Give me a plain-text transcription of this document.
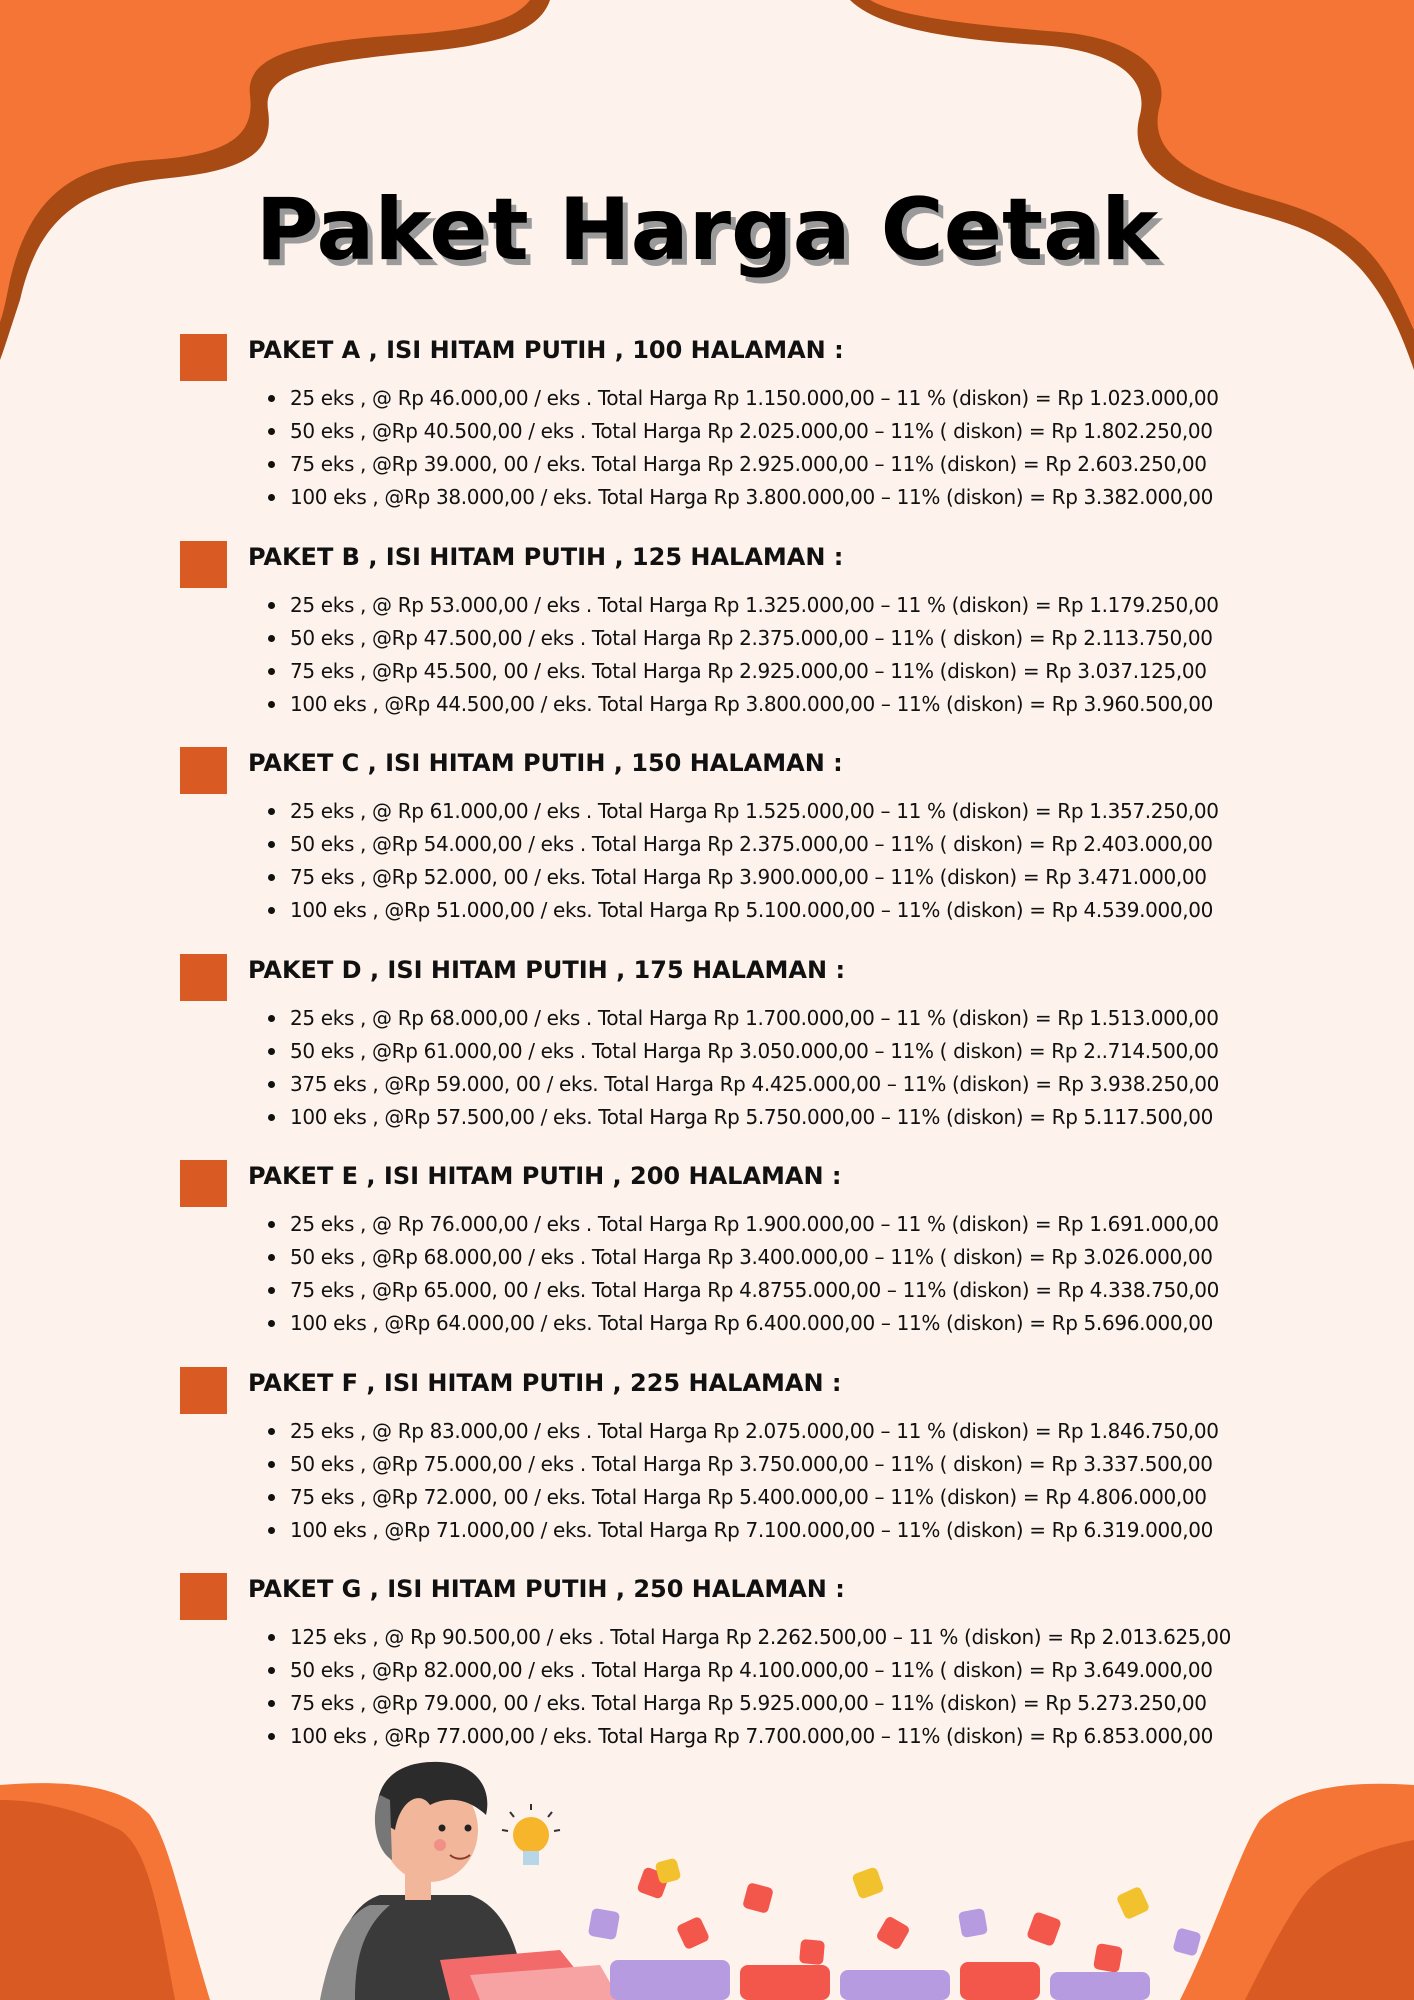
Paket Harga Cetak
PAKET A , ISI HITAM PUTIH , 100 HALAMAN :
25 eks , @ Rp 46.000,00 / eks . Total Harga Rp 1.150.000,00 – 11 % (diskon) = Rp 1.023.000,00
50 eks , @Rp 40.500,00 / eks . Total Harga Rp 2.025.000,00 – 11% ( diskon) = Rp 1.802.250,00
75 eks , @Rp 39.000, 00 / eks. Total Harga Rp 2.925.000,00 – 11% (diskon) = Rp 2.603.250,00
100 eks , @Rp 38.000,00 / eks. Total Harga Rp 3.800.000,00 – 11% (diskon) = Rp 3.382.000,00
PAKET B , ISI HITAM PUTIH , 125 HALAMAN :
25 eks , @ Rp 53.000,00 / eks . Total Harga Rp 1.325.000,00 – 11 % (diskon) = Rp 1.179.250,00
50 eks , @Rp 47.500,00 / eks . Total Harga Rp 2.375.000,00 – 11% ( diskon) = Rp 2.113.750,00
75 eks , @Rp 45.500, 00 / eks. Total Harga Rp 2.925.000,00 – 11% (diskon) = Rp 3.037.125,00
100 eks , @Rp 44.500,00 / eks. Total Harga Rp 3.800.000,00 – 11% (diskon) = Rp 3.960.500,00
PAKET C , ISI HITAM PUTIH , 150 HALAMAN :
25 eks , @ Rp 61.000,00 / eks . Total Harga Rp 1.525.000,00 – 11 % (diskon) = Rp 1.357.250,00
50 eks , @Rp 54.000,00 / eks . Total Harga Rp 2.375.000,00 – 11% ( diskon) = Rp 2.403.000,00
75 eks , @Rp 52.000, 00 / eks. Total Harga Rp 3.900.000,00 – 11% (diskon) = Rp 3.471.000,00
100 eks , @Rp 51.000,00 / eks. Total Harga Rp 5.100.000,00 – 11% (diskon) = Rp 4.539.000,00
PAKET D , ISI HITAM PUTIH , 175 HALAMAN :
25 eks , @ Rp 68.000,00 / eks . Total Harga Rp 1.700.000,00 – 11 % (diskon) = Rp 1.513.000,00
50 eks , @Rp 61.000,00 / eks . Total Harga Rp 3.050.000,00 – 11% ( diskon) = Rp 2..714.500,00
375 eks , @Rp 59.000, 00 / eks. Total Harga Rp 4.425.000,00 – 11% (diskon) = Rp 3.938.250,00
100 eks , @Rp 57.500,00 / eks. Total Harga Rp 5.750.000,00 – 11% (diskon) = Rp 5.117.500,00
PAKET E , ISI HITAM PUTIH , 200 HALAMAN :
25 eks , @ Rp 76.000,00 / eks . Total Harga Rp 1.900.000,00 – 11 % (diskon) = Rp 1.691.000,00
50 eks , @Rp 68.000,00 / eks . Total Harga Rp 3.400.000,00 – 11% ( diskon) = Rp 3.026.000,00
75 eks , @Rp 65.000, 00 / eks. Total Harga Rp 4.8755.000,00 – 11% (diskon) = Rp 4.338.750,00
100 eks , @Rp 64.000,00 / eks. Total Harga Rp 6.400.000,00 – 11% (diskon) = Rp 5.696.000,00
PAKET F , ISI HITAM PUTIH , 225 HALAMAN :
25 eks , @ Rp 83.000,00 / eks . Total Harga Rp 2.075.000,00 – 11 % (diskon) = Rp 1.846.750,00
50 eks , @Rp 75.000,00 / eks . Total Harga Rp 3.750.000,00 – 11% ( diskon) = Rp 3.337.500,00
75 eks , @Rp 72.000, 00 / eks. Total Harga Rp 5.400.000,00 – 11% (diskon) = Rp 4.806.000,00
100 eks , @Rp 71.000,00 / eks. Total Harga Rp 7.100.000,00 – 11% (diskon) = Rp 6.319.000,00
PAKET G , ISI HITAM PUTIH , 250 HALAMAN :
125 eks , @ Rp 90.500,00 / eks . Total Harga Rp 2.262.500,00 – 11 % (diskon) = Rp 2.013.625,00
50 eks , @Rp 82.000,00 / eks . Total Harga Rp 4.100.000,00 – 11% ( diskon) = Rp 3.649.000,00
75 eks , @Rp 79.000, 00 / eks. Total Harga Rp 5.925.000,00 – 11% (diskon) = Rp 5.273.250,00
100 eks , @Rp 77.000,00 / eks. Total Harga Rp 7.700.000,00 – 11% (diskon) = Rp 6.853.000,00
